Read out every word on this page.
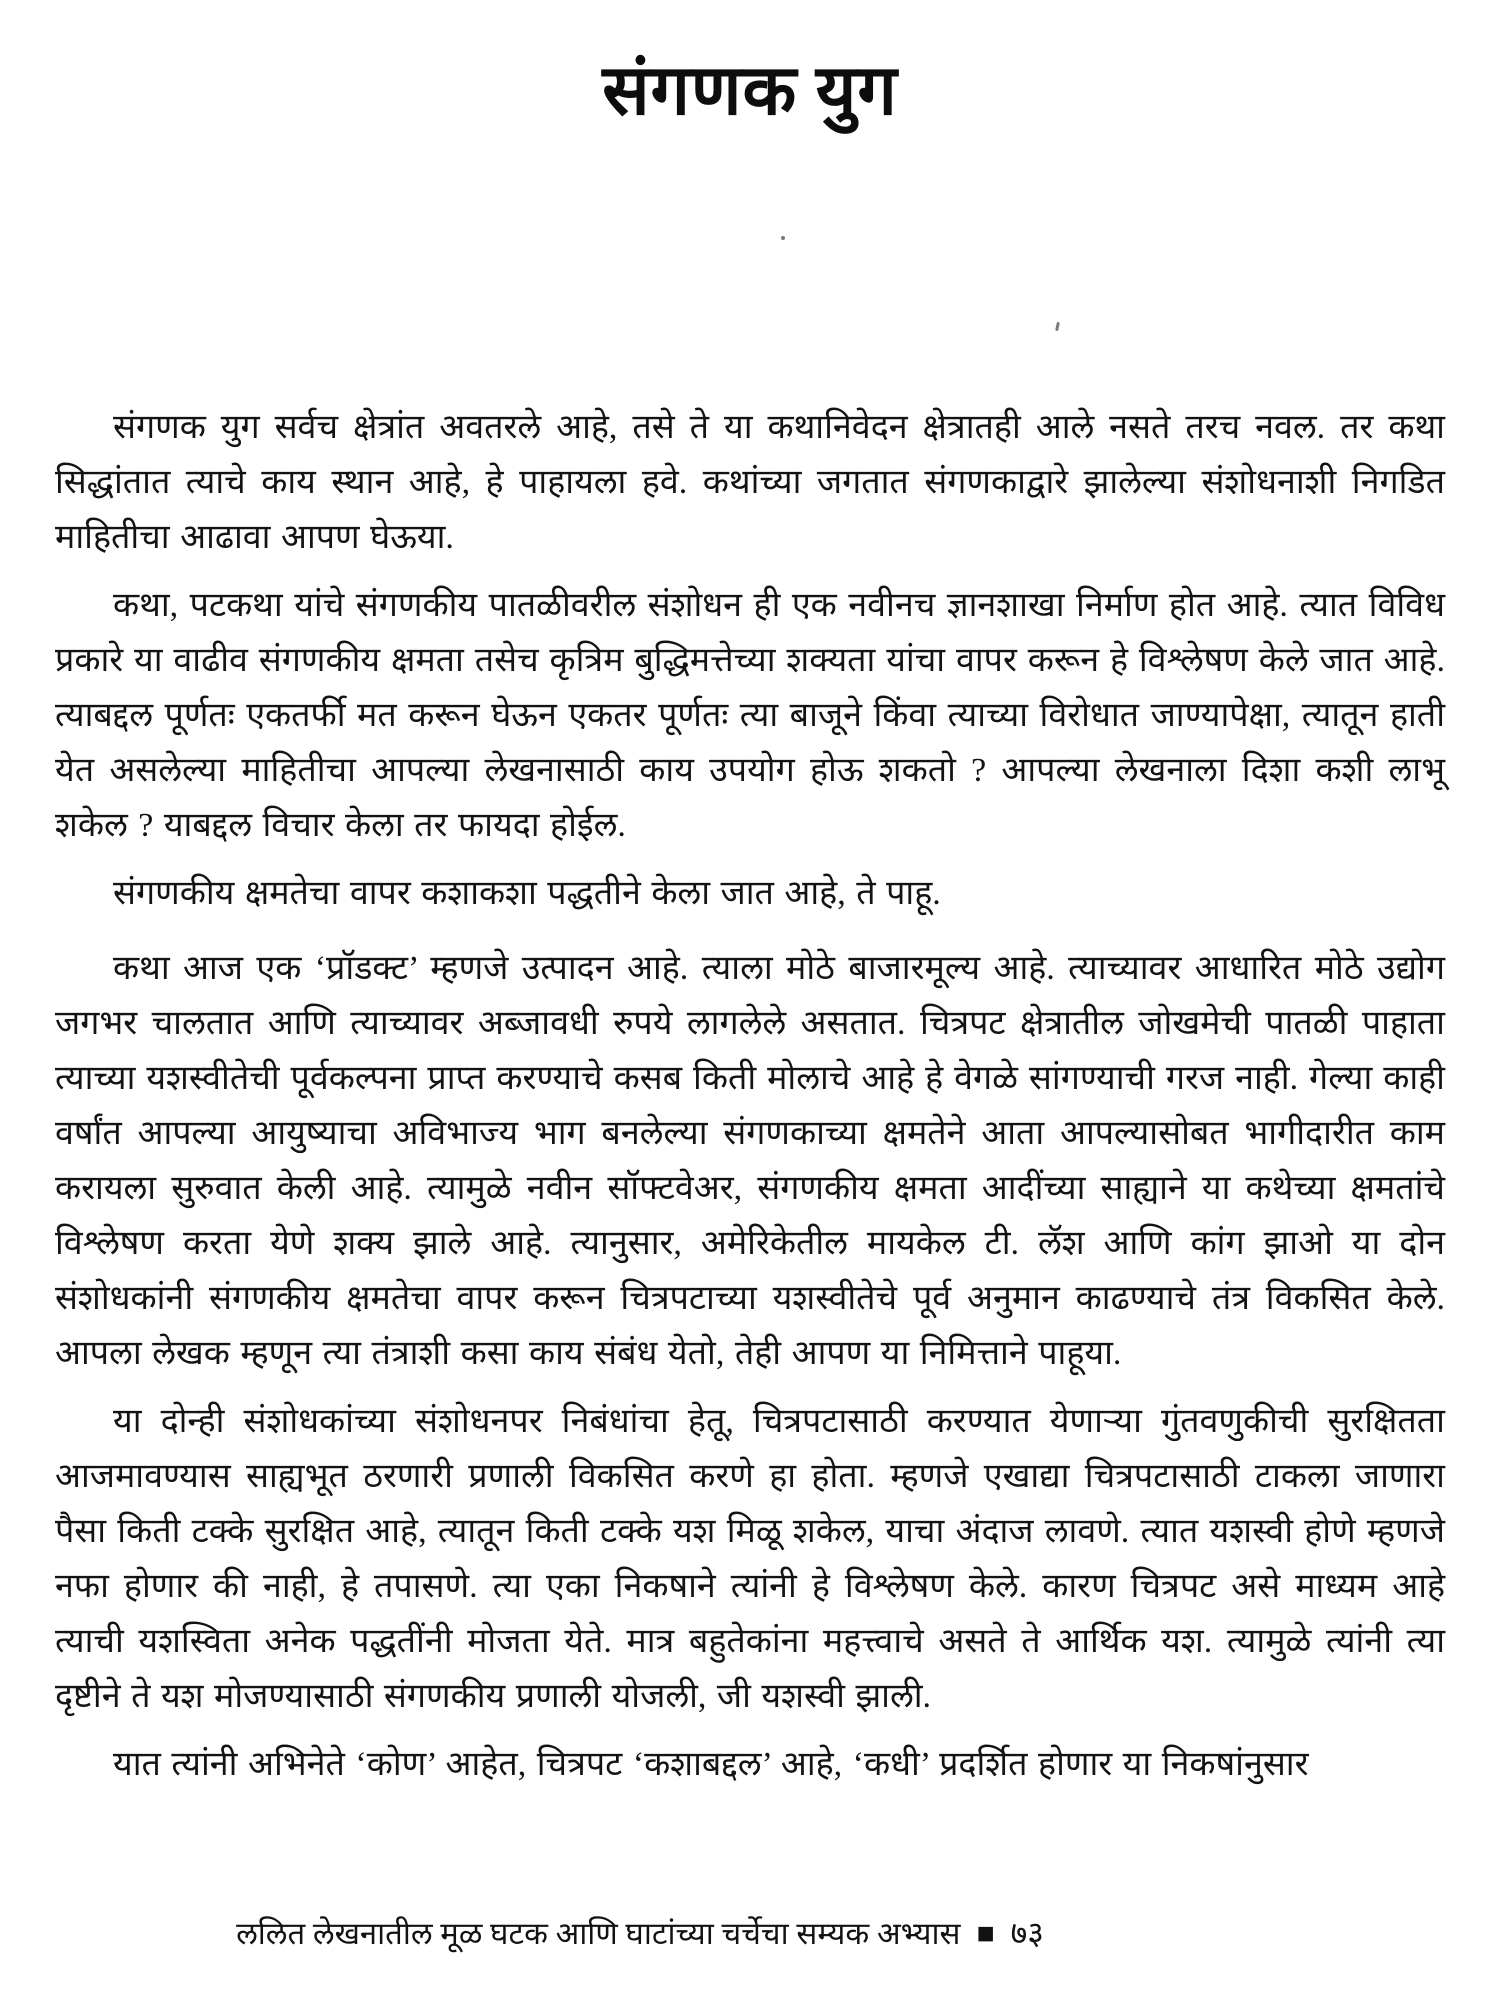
संगणक युग

संगणक युग सर्वच क्षेत्रांत अवतरले आहे, तसे ते या कथानिवेदन क्षेत्रातही आले नसते तरच नवल. तर कथा सिद्धांतात त्याचे काय स्थान आहे, हे पाहायला हवे. कथांच्या जगतात संगणकाद्वारे झालेल्या संशोधनाशी निगडित माहितीचा आढावा आपण घेऊया.

कथा, पटकथा यांचे संगणकीय पातळीवरील संशोधन ही एक नवीनच ज्ञानशाखा निर्माण होत आहे. त्यात विविध प्रकारे या वाढीव संगणकीय क्षमता तसेच कृत्रिम बुद्धिमत्तेच्या शक्यता यांचा वापर करून हे विश्लेषण केले जात आहे. त्याबद्दल पूर्णतः एकतर्फी मत करून घेऊन एकतर पूर्णतः त्या बाजूने किंवा त्याच्या विरोधात जाण्यापेक्षा, त्यातून हाती येत असलेल्या माहितीचा आपल्या लेखनासाठी काय उपयोग होऊ शकतो ? आपल्या लेखनाला दिशा कशी लाभू शकेल ? याबद्दल विचार केला तर फायदा होईल.

संगणकीय क्षमतेचा वापर कशाकशा पद्धतीने केला जात आहे, ते पाहू.

कथा आज एक ‘प्रॉडक्ट’ म्हणजे उत्पादन आहे. त्याला मोठे बाजारमूल्य आहे. त्याच्यावर आधारित मोठे उद्योग जगभर चालतात आणि त्याच्यावर अब्जावधी रुपये लागलेले असतात. चित्रपट क्षेत्रातील जोखमेची पातळी पाहाता त्याच्या यशस्वीतेची पूर्वकल्पना प्राप्त करण्याचे कसब किती मोलाचे आहे हे वेगळे सांगण्याची गरज नाही. गेल्या काही वर्षांत आपल्या आयुष्याचा अविभाज्य भाग बनलेल्या संगणकाच्या क्षमतेने आता आपल्यासोबत भागीदारीत काम करायला सुरुवात केली आहे. त्यामुळे नवीन सॉफ्टवेअर, संगणकीय क्षमता आदींच्या साह्याने या कथेच्या क्षमतांचे विश्लेषण करता येणे शक्य झाले आहे. त्यानुसार, अमेरिकेतील मायकेल टी. लॅश आणि कांग झाओ या दोन संशोधकांनी संगणकीय क्षमतेचा वापर करून चित्रपटाच्या यशस्वीतेचे पूर्व अनुमान काढण्याचे तंत्र विकसित केले. आपला लेखक म्हणून त्या तंत्राशी कसा काय संबंध येतो, तेही आपण या निमित्ताने पाहूया.

या दोन्ही संशोधकांच्या संशोधनपर निबंधांचा हेतू, चित्रपटासाठी करण्यात येणाऱ्या गुंतवणुकीची सुरक्षितता आजमावण्यास साह्यभूत ठरणारी प्रणाली विकसित करणे हा होता. म्हणजे एखाद्या चित्रपटासाठी टाकला जाणारा पैसा किती टक्के सुरक्षित आहे, त्यातून किती टक्के यश मिळू शकेल, याचा अंदाज लावणे. त्यात यशस्वी होणे म्हणजे नफा होणार की नाही, हे तपासणे. त्या एका निकषाने त्यांनी हे विश्लेषण केले. कारण चित्रपट असे माध्यम आहे त्याची यशस्विता अनेक पद्धतींनी मोजता येते. मात्र बहुतेकांना महत्त्वाचे असते ते आर्थिक यश. त्यामुळे त्यांनी त्या दृष्टीने ते यश मोजण्यासाठी संगणकीय प्रणाली योजली, जी यशस्वी झाली.

यात त्यांनी अभिनेते ‘कोण’ आहेत, चित्रपट ‘कशाबद्दल’ आहे, ‘कधी’ प्रदर्शित होणार या निकषांनुसार

ललित लेखनातील मूळ घटक आणि घाटांच्या चर्चेचा सम्यक अभ्यास ■ ७३
